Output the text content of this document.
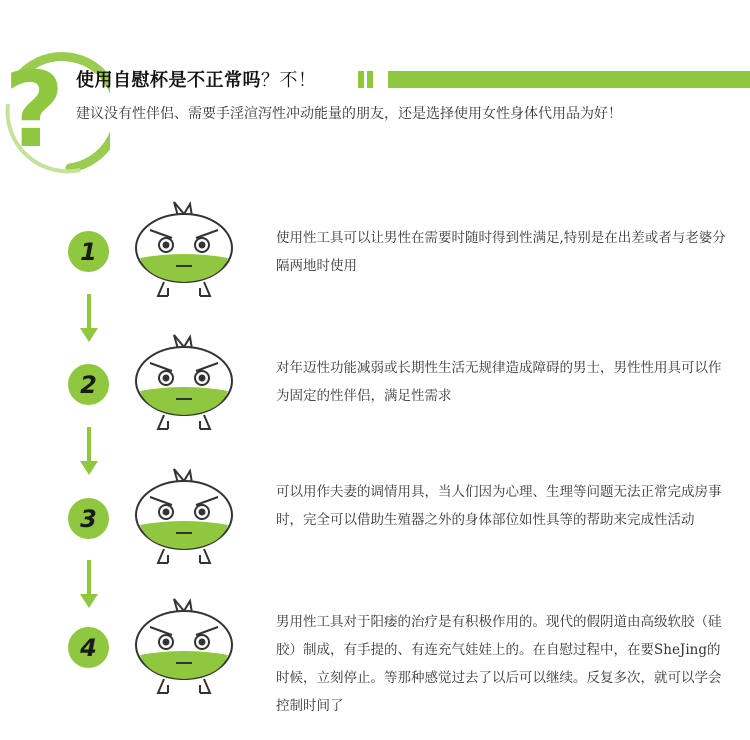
? 使用自慰杯是不正常吗？不！
建议没有性伴侣、需要手淫渲泻性冲动能量的朋友，还是选择使用女性身体代用品为好！
1	使用性工具可以让男性在需要时随时得到性满足,特别是在出差或者与老婆分隔两地时使用
2
对年迈性功能减弱或长期性生活无规律造成障碍的男士，男性性用具可以作为固定的性伴侣，满足性需求
3
可以用作夫妻的调情用具，当人们因为心理、生理等问题无法正常完成房事时，完全可以借助生殖器之外的身体部位如性具等的帮助来完成性活动
4
男用性工具对于阳痿的治疗是有积极作用的。现代的假阴道由高级软胶（硅胶）制成，有手提的、有连充气娃娃上的。在自慰过程中，在要SheJing的时候，立刻停止。等那种感觉过去了以后可以继续。反复多次，就可以学会控制时间了
